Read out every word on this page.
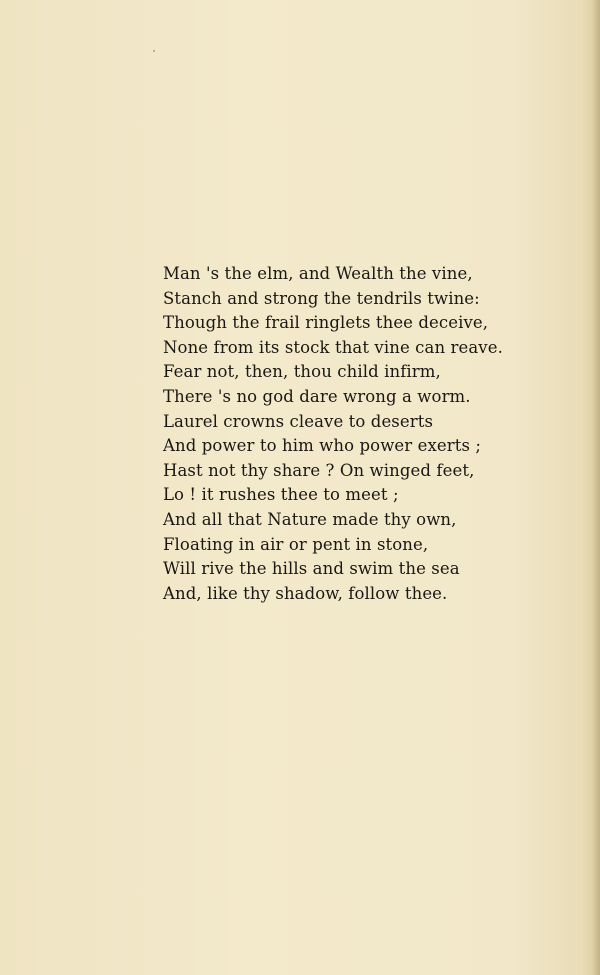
Man 's the elm, and Wealth the vine,
Stanch and strong the tendrils twine:
Though the frail ringlets thee deceive,
None from its stock that vine can reave.
Fear not, then, thou child infirm,
There 's no god dare wrong a worm.
Laurel crowns cleave to deserts
And power to him who power exerts ;
Hast not thy share ? On winged feet,
Lo ! it rushes thee to meet ;
And all that Nature made thy own,
Floating in air or pent in stone,
Will rive the hills and swim the sea
And, like thy shadow, follow thee.
